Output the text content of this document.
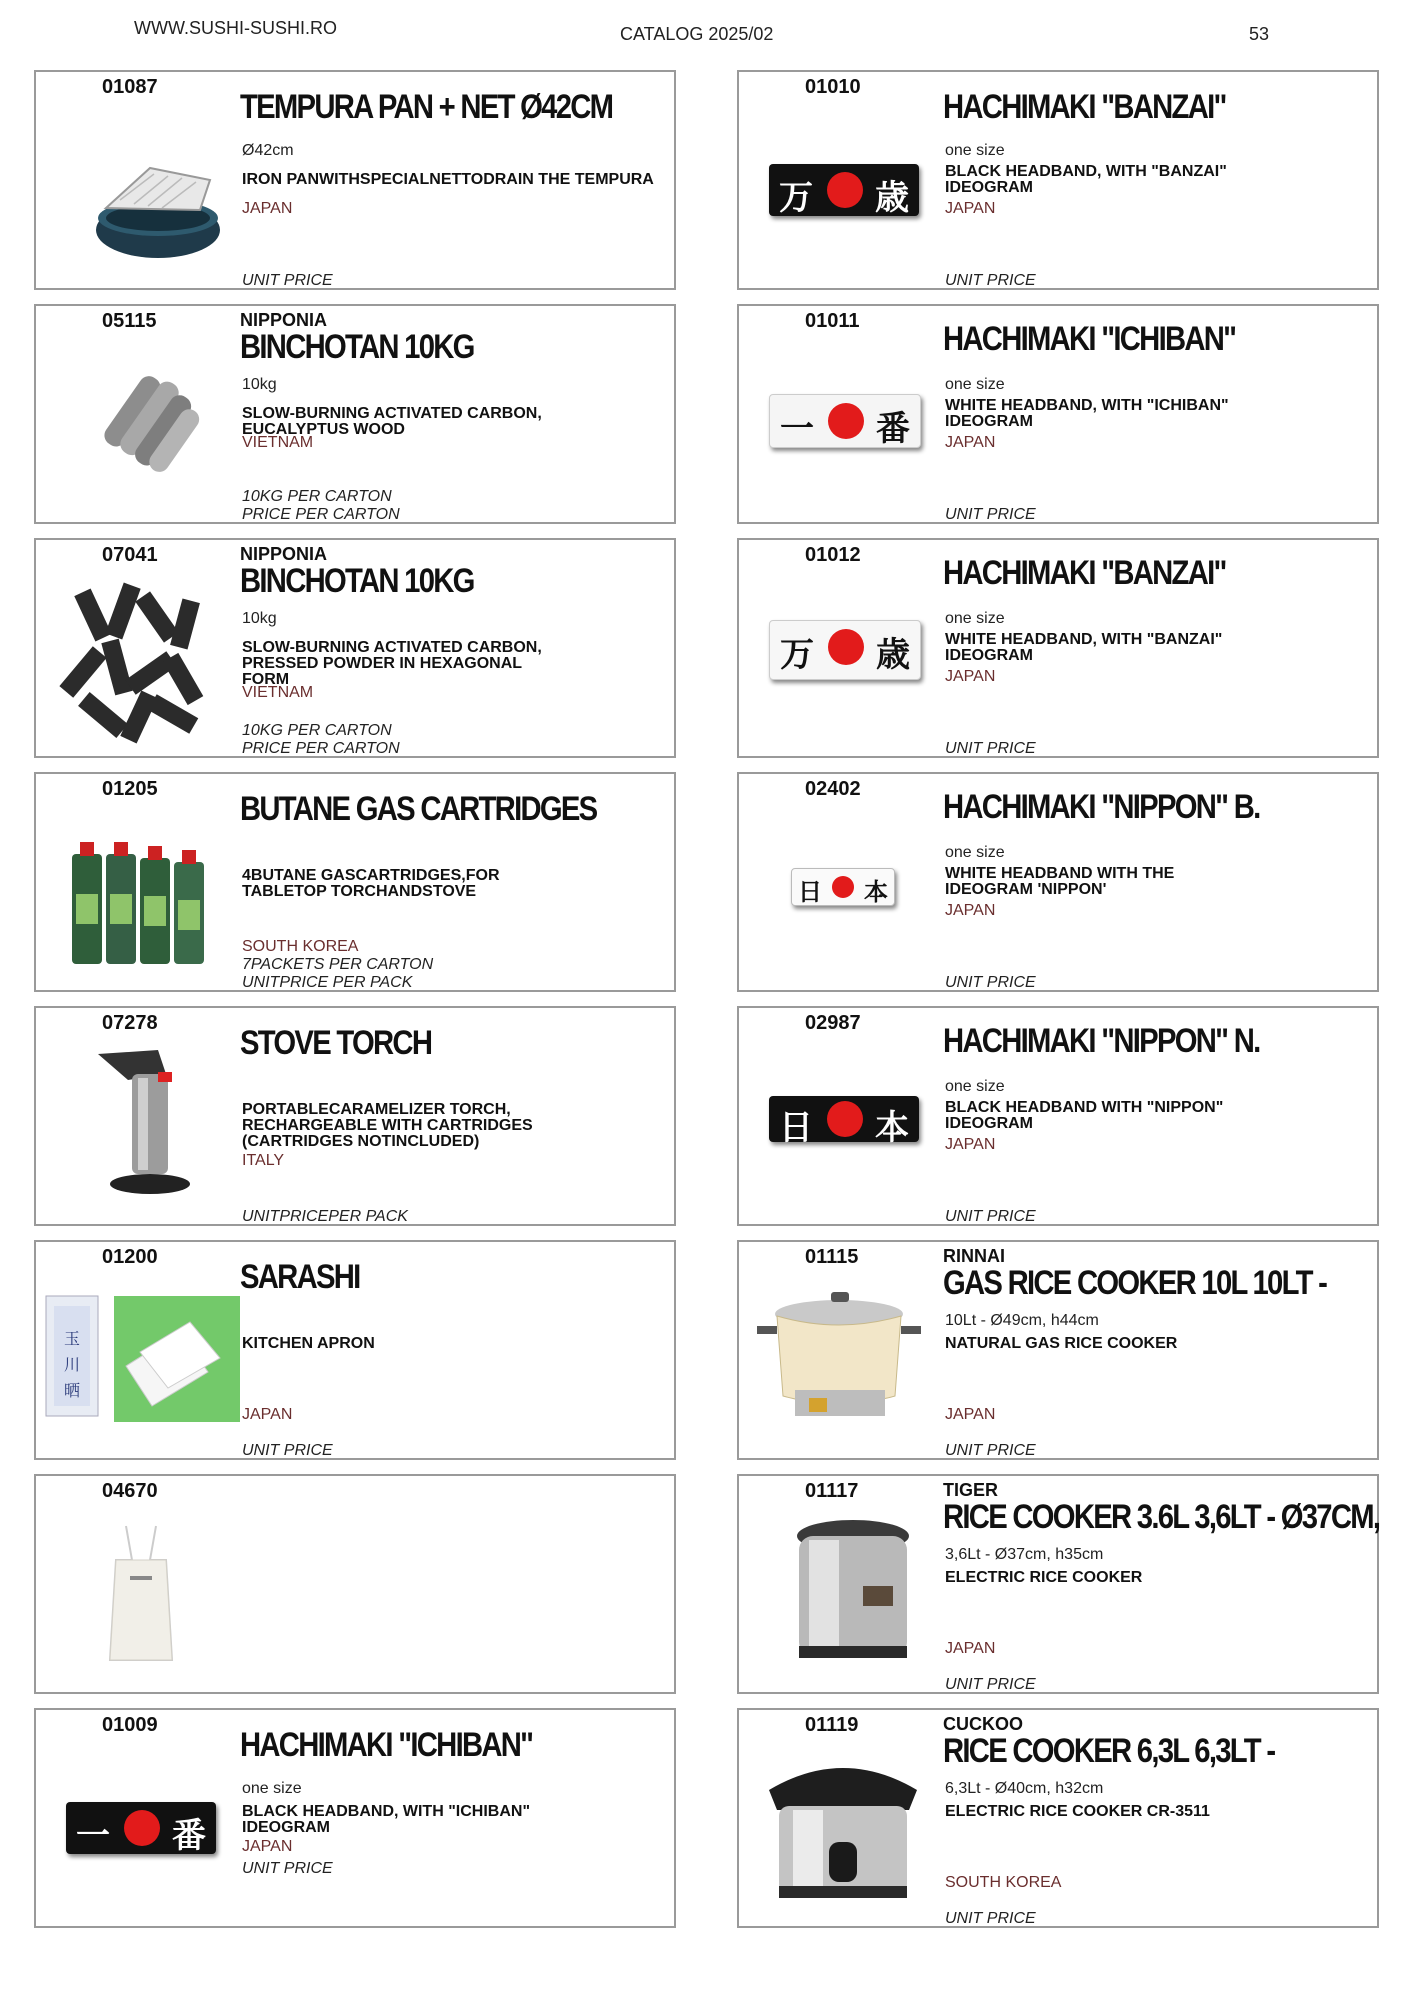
WWW.SUSHI-SUSHI.RO	CATALOG 2025/02	53
01087
TEMPURA PAN + NET Ø42CM
Ø42cm
IRON PANWITHSPECIALNETTODRAIN THE TEMPURA
JAPAN
UNIT PRICE
05115	NIPPONIA
BINCHOTAN 10KG
10kg
SLOW-BURNING ACTIVATED CARBON, EUCALYPTUS WOOD
VIETNAM
10KG PER CARTON
PRICE PER CARTON
07041	NIPPONIA
BINCHOTAN 10KG
10kg
SLOW-BURNING ACTIVATED CARBON, PRESSED POWDER IN HEXAGONAL FORM
VIETNAM
10KG PER CARTON
PRICE PER CARTON
01205
BUTANE GAS CARTRIDGES
4BUTANE GASCARTRIDGES,FOR TABLETOP TORCHANDSTOVE
SOUTH KOREA
7PACKETS PER CARTON
UNITPRICE PER PACK
07278
STOVE TORCH
PORTABLECARAMELIZER TORCH, RECHARGEABLE WITH CARTRIDGES (CARTRIDGES NOTINCLUDED)
ITALY
UNITPRICEPER PACK
01200
SARASHI
KITCHEN APRON
JAPAN
UNIT PRICE
玉
川
晒
04670
01009
HACHIMAKI "ICHIBAN"
one size
BLACK HEADBAND, WITH "ICHIBAN" IDEOGRAM
JAPAN
UNIT PRICE
一 番
01010
HACHIMAKI "BANZAI"
one size
BLACK HEADBAND, WITH "BANZAI" IDEOGRAM
JAPAN
UNIT PRICE
万 歳
01011 HACHIMAKI "ICHIBAN"
one size
WHITE HEADBAND, WITH "ICHIBAN" IDEOGRAM
JAPAN
UNIT PRICE
一 番
01012 HACHIMAKI "BANZAI"
one size
WHITE HEADBAND, WITH "BANZAI" IDEOGRAM
JAPAN
UNIT PRICE
万 歳
02402 HACHIMAKI "NIPPON" B.
one size
WHITE HEADBAND WITH THE IDEOGRAM 'NIPPON'
JAPAN
UNIT PRICE
日 本
02987 HACHIMAKI "NIPPON" N.
one size
BLACK HEADBAND WITH "NIPPON" IDEOGRAM
JAPAN
UNIT PRICE
日 本
01115	RINNAI
GAS RICE COOKER 10L 10LT -
10Lt - Ø49cm, h44cm
NATURAL GAS RICE COOKER
JAPAN
UNIT PRICE
01117	TIGER
RICE COOKER 3.6L 3,6LT - Ø37CM,
3,6Lt - Ø37cm, h35cm
ELECTRIC RICE COOKER
JAPAN
UNIT PRICE
01119	CUCKOO
RICE COOKER 6,3L 6,3LT -
6,3Lt - Ø40cm, h32cm
ELECTRIC RICE COOKER CR-3511
SOUTH KOREA
UNIT PRICE
